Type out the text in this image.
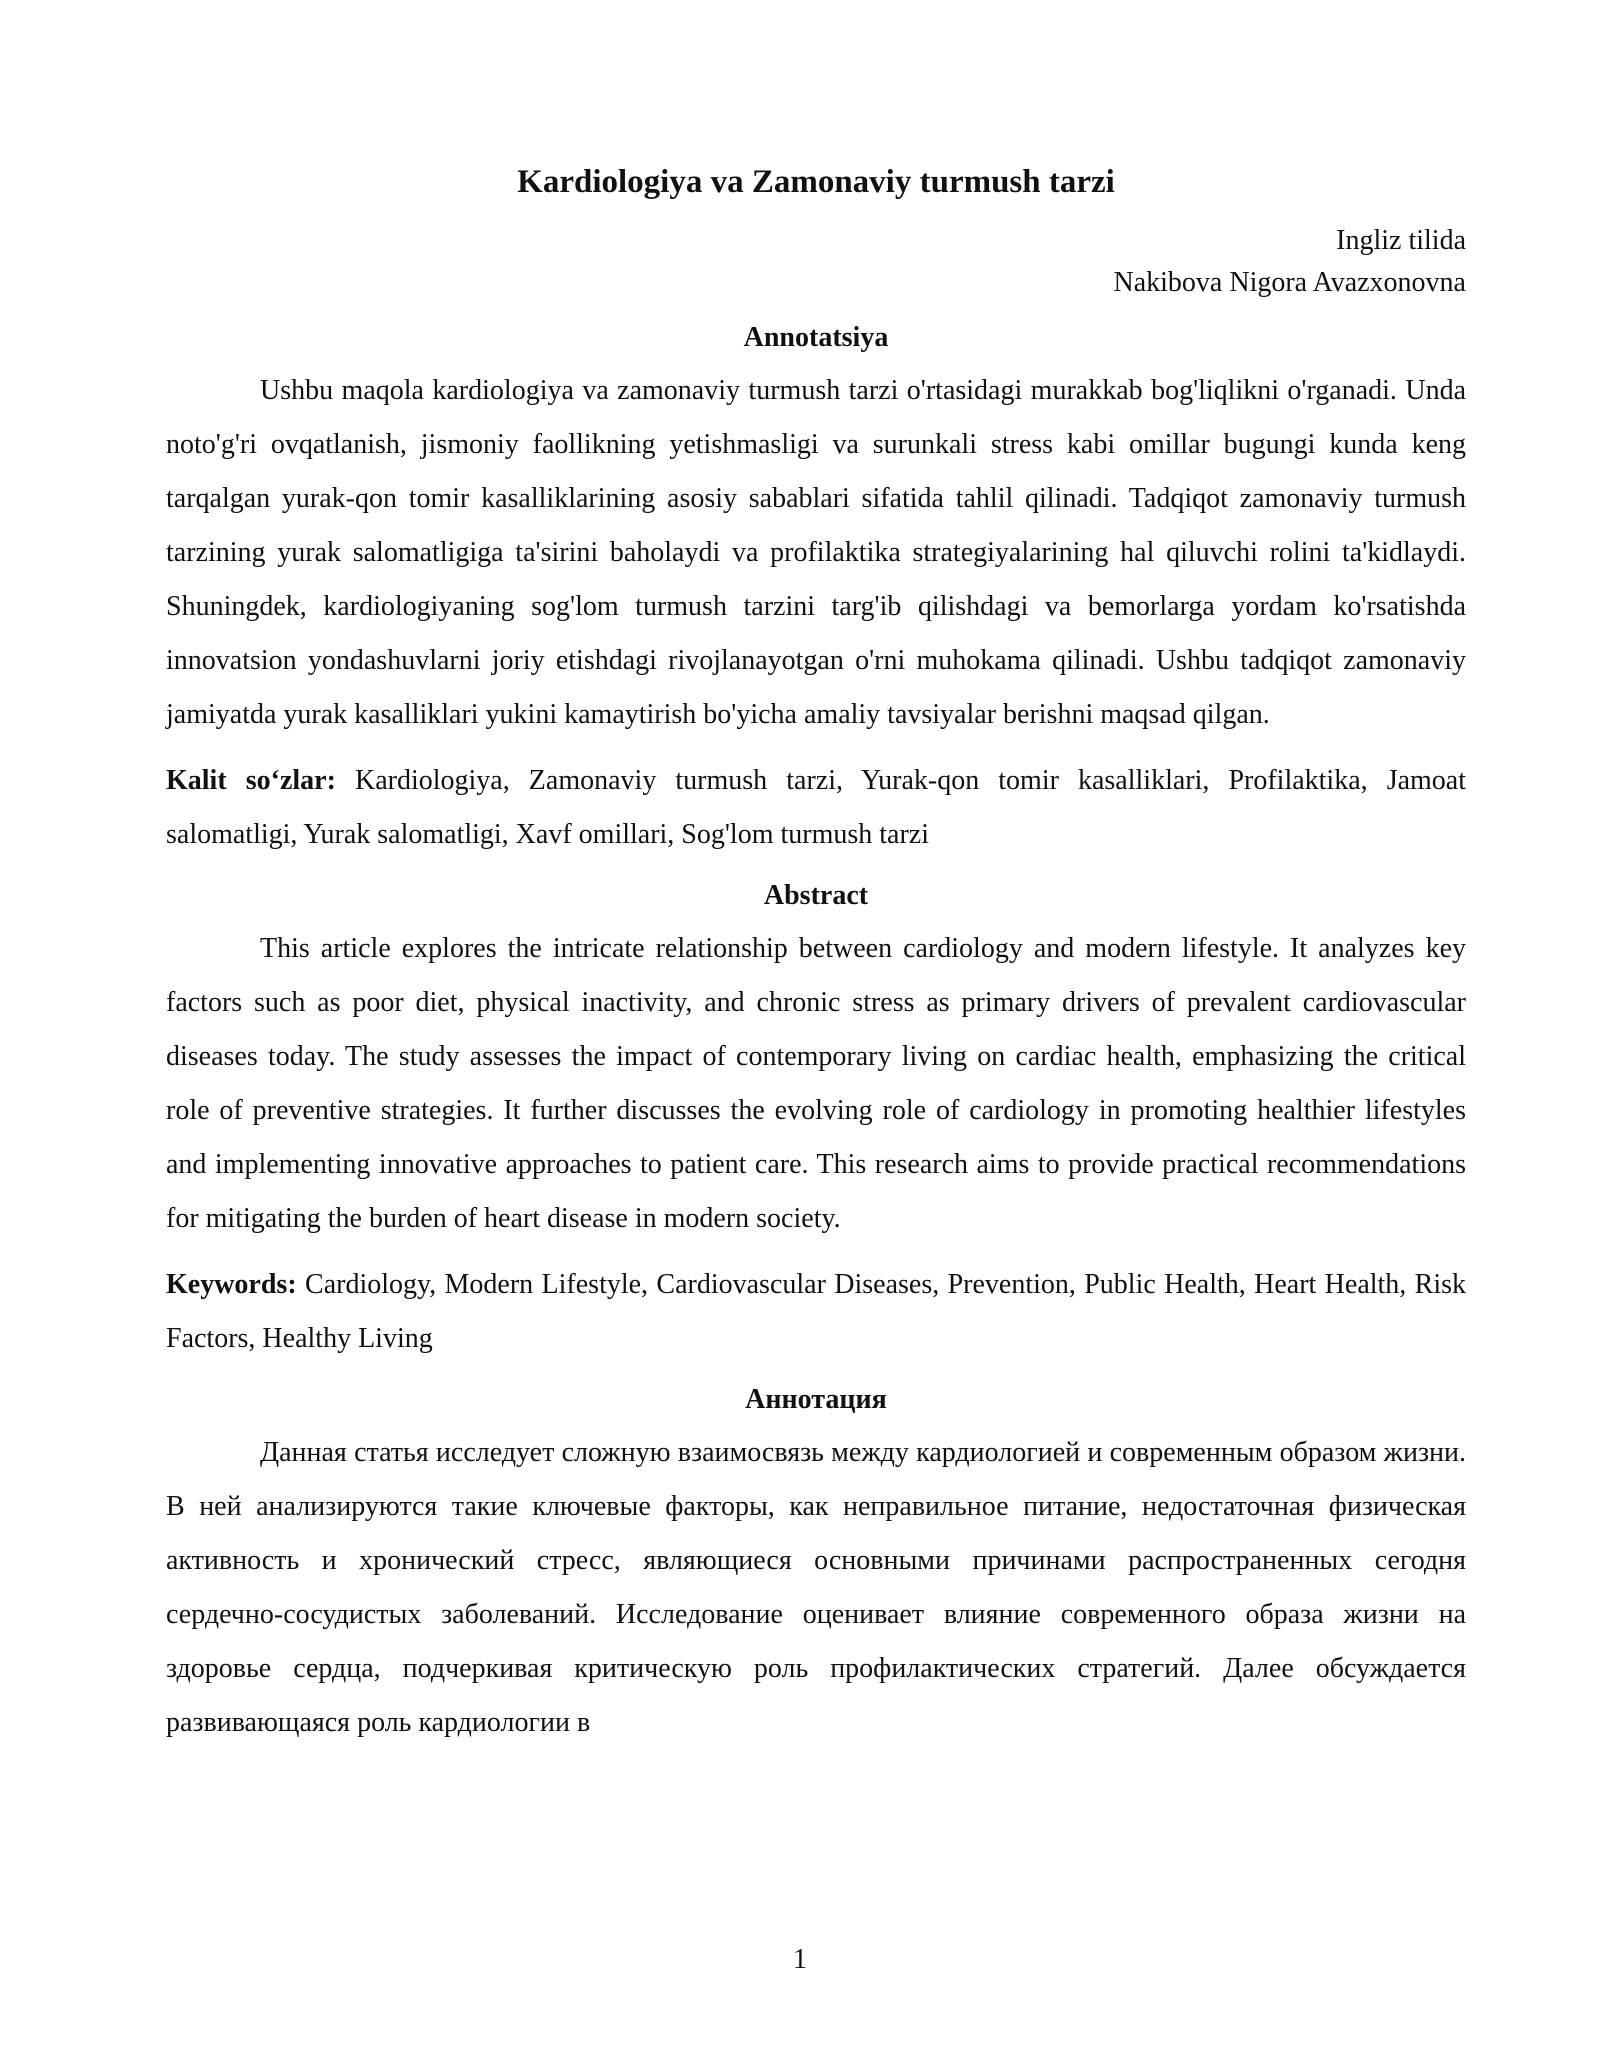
Kardiologiya va Zamonaviy turmush tarzi
Ingliz tilida
Nakibova Nigora Avazxonovna
Annotatsiya

Ushbu maqola kardiologiya va zamonaviy turmush tarzi o'rtasidagi murakkab bog'liqlikni o'rganadi. Unda noto'g'ri ovqatlanish, jismoniy faollikning yetishmasligi va surunkali stress kabi omillar bugungi kunda keng tarqalgan yurak-qon tomir kasalliklarining asosiy sabablari sifatida tahlil qilinadi. Tadqiqot zamonaviy turmush tarzining yurak salomatligiga ta'sirini baholaydi va profilaktika strategiyalarining hal qiluvchi rolini ta'kidlaydi. Shuningdek, kardiologiyaning sog'lom turmush tarzini targ'ib qilishdagi va bemorlarga yordam ko'rsatishda innovatsion yondashuvlarni joriy etishdagi rivojlanayotgan o'rni muhokama qilinadi. Ushbu tadqiqot zamonaviy jamiyatda yurak kasalliklari yukini kamaytirish bo'yicha amaliy tavsiyalar berishni maqsad qilgan.

Kalit so‘zlar: Kardiologiya, Zamonaviy turmush tarzi, Yurak-qon tomir kasalliklari, Profilaktika, Jamoat salomatligi, Yurak salomatligi, Xavf omillari, Sog'lom turmush tarzi

Abstract

This article explores the intricate relationship between cardiology and modern lifestyle. It analyzes key factors such as poor diet, physical inactivity, and chronic stress as primary drivers of prevalent cardiovascular diseases today. The study assesses the impact of contemporary living on cardiac health, emphasizing the critical role of preventive strategies. It further discusses the evolving role of cardiology in promoting healthier lifestyles and implementing innovative approaches to patient care. This research aims to provide practical recommendations for mitigating the burden of heart disease in modern society.

Keywords: Cardiology, Modern Lifestyle, Cardiovascular Diseases, Prevention, Public Health, Heart Health, Risk Factors, Healthy Living

Аннотация

Данная статья исследует сложную взаимосвязь между кардиологией и современным образом жизни. В ней анализируются такие ключевые факторы, как неправильное питание, недостаточная физическая активность и хронический стресс, являющиеся основными причинами распространенных сегодня сердечно-сосудистых заболеваний. Исследование оценивает влияние современного образа жизни на здоровье сердца, подчеркивая критическую роль профилактических стратегий. Далее обсуждается развивающаяся роль кардиологии в

1
